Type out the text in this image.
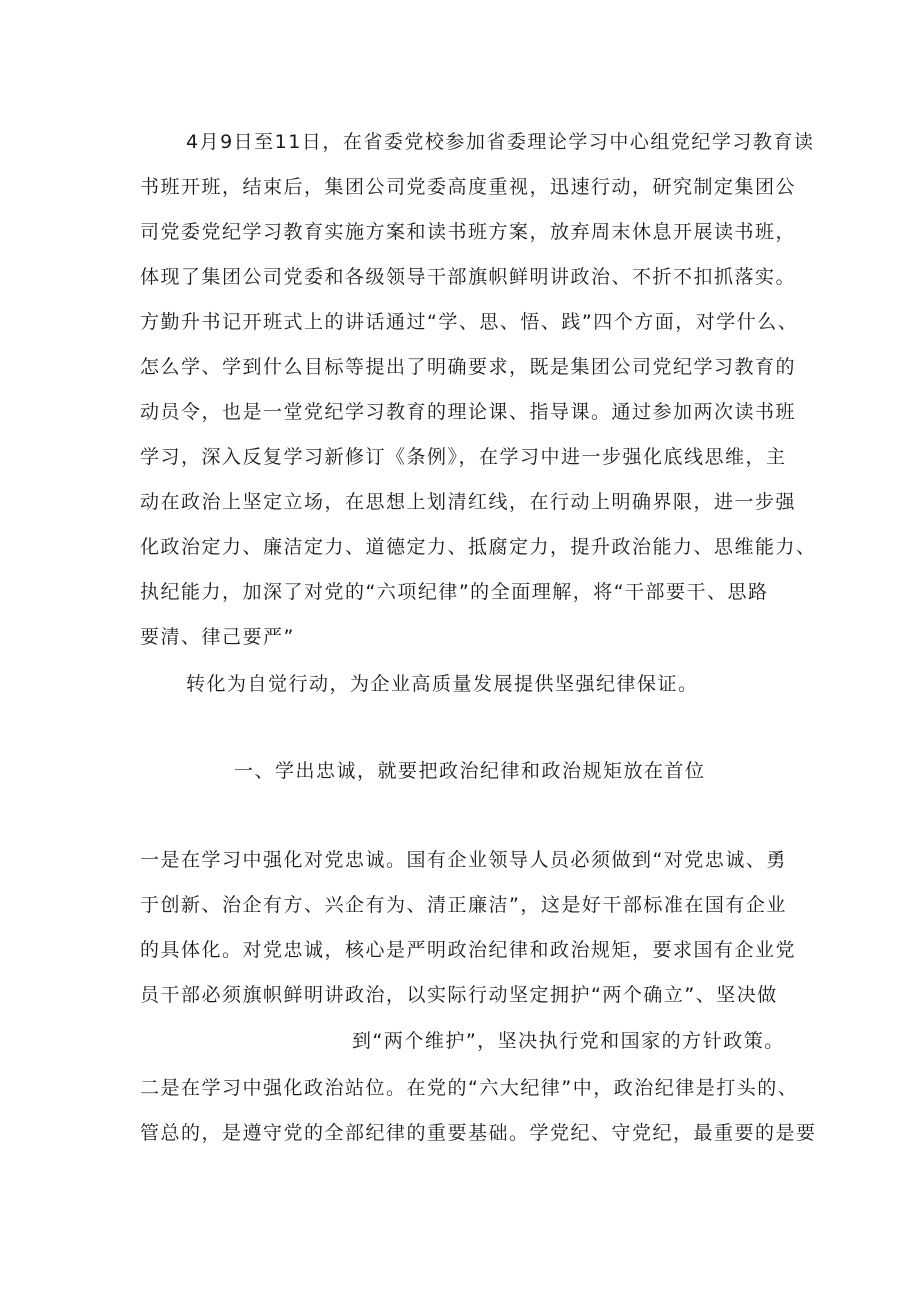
4月9日至11日，在省委党校参加省委理论学习中心组党纪学习教育读
书班开班，结束后，集团公司党委高度重视，迅速行动，研究制定集团公
司党委党纪学习教育实施方案和读书班方案，放弃周末休息开展读书班，
体现了集团公司党委和各级领导干部旗帜鲜明讲政治、不折不扣抓落实。
方勤升书记开班式上的讲话通过“学、思、悟、践”四个方面，对学什么、
怎么学、学到什么目标等提出了明确要求，既是集团公司党纪学习教育的
动员令，也是一堂党纪学习教育的理论课、指导课。通过参加两次读书班
学习，深入反复学习新修订《条例》，在学习中进一步强化底线思维，主
动在政治上坚定立场，在思想上划清红线，在行动上明确界限，进一步强
化政治定力、廉洁定力、道德定力、抵腐定力，提升政治能力、思维能力、
执纪能力，加深了对党的“六项纪律”的全面理解，将“干部要干、思路
要清、律己要严”
转化为自觉行动，为企业高质量发展提供坚强纪律保证。
一、学出忠诚，就要把政治纪律和政治规矩放在首位
一是在学习中强化对党忠诚。国有企业领导人员必须做到“对党忠诚、勇
于创新、治企有方、兴企有为、清正廉洁”，这是好干部标准在国有企业
的具体化。对党忠诚，核心是严明政治纪律和政治规矩，要求国有企业党
员干部必须旗帜鲜明讲政治，以实际行动坚定拥护“两个确立”、坚决做
到“两个维护”，坚决执行党和国家的方针政策。
二是在学习中强化政治站位。在党的“六大纪律”中，政治纪律是打头的、
管总的，是遵守党的全部纪律的重要基础。学党纪、守党纪，最重要的是要
